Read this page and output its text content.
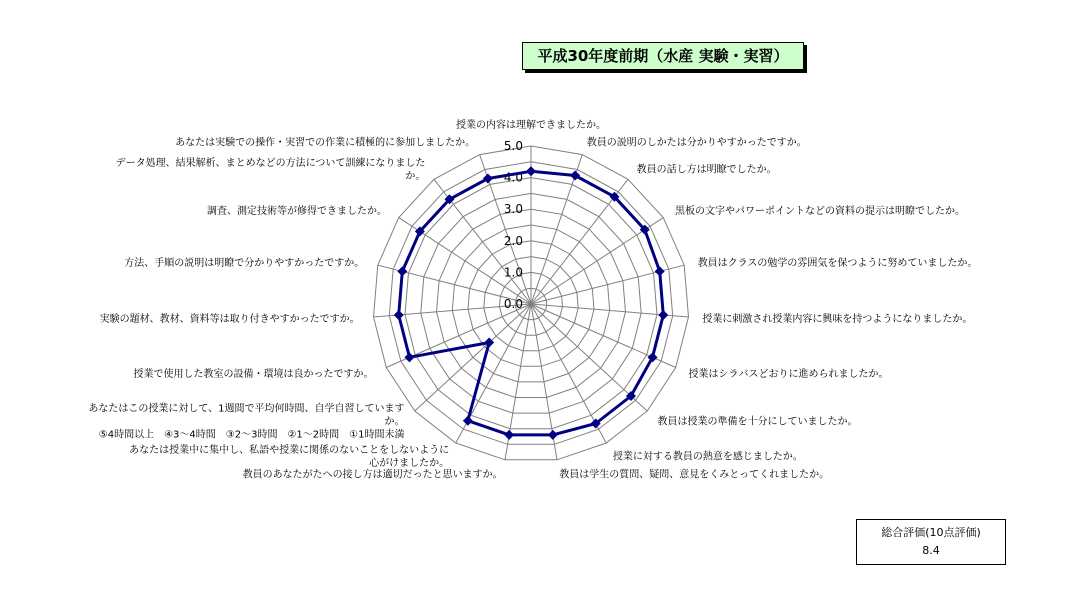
平成30年度前期（水産 実験・実習）
0.0
1.0
2.0
3.0
4.0
5.0
授業の内容は理解できましたか。
教員の説明のしかたは分かりやすかったですか。
教員の話し方は明瞭でしたか。
黒板の文字やパワーポイントなどの資料の提示は明瞭でしたか。
教員はクラスの勉学の雰囲気を保つように努めていましたか。
授業に刺激され授業内容に興味を持つようになりましたか。
授業はシラバスどおりに進められましたか。
教員は授業の準備を十分にしていましたか。
授業に対する教員の熱意を感じましたか。
教員は学生の質問、疑問、意見をくみとってくれましたか。
教員のあなたがたへの接し方は適切だったと思いますか。
あなたは授業中に集中し、私語や授業に関係のないことをしないように心がけましたか。
あなたはこの授業に対して、1週間で平均何時間、自学自習していますか。 ⑤4時間以上　④3～4時間　③2～3時間　②1～2時間　①1時間未満
授業で使用した教室の設備・環境は良かったですか。
実験の題材、教材、資料等は取り付きやすかったですか。
方法、手順の説明は明瞭で分かりやすかったですか。
調査、測定技術等が修得できましたか。
データ処理、結果解析、まとめなどの方法について訓練になりましたか。
あなたは実験での操作・実習での作業に積極的に参加しましたか。
総合評価(10点評価)
8.4
